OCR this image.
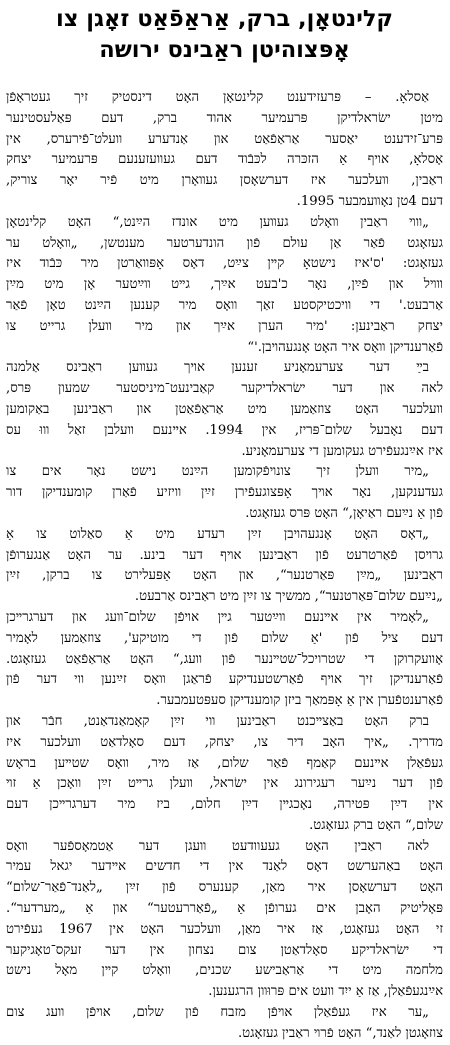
קלינטאָן, ברק, אַראַפֿאַט זאָגן צו
אָפּצוהיטן ראַבינס ירושה
אַסלאָ. – פּרעזידענט קלינטאָן האָט דינסטיק זיך געטראָפֿן
מיטן ישׂראלדיקן פּרעמיער אהוד ברק, דעם פּאַלעסטינער
פּרע־זידענט יאַסער אַראַפֿאַט און אַנדערע װעלט־פֿירערס, אין
אָסלאָ, אױף אַ הזכּרה לכּבֿוד דעם געװעזענעם פּרעמיער יצחק
ראַבין, װעלכער איז דערשאָסן געװאָרן מיט פֿיר יאָר צוריק,
דעם 4טן נאָװעמבער 1995.
„װױ ראַבין װאָלט געװען מיט אונדז הײַנט,“ האָט קלינטאָן
געזאָגט פֿאַר אַן עולם פֿון הונדערטער מענטשן, „װאָלט ער
געזאָגט: 'ס'איז נישטאָ קײן צײַט, דאָס אָפּװאַרטן מיר כּבֿוד איז
װױל און פֿײַן, נאָר כ'בעט אײַך, גײט װײַטער אָן מיט מײַן
אַרבעט.' די װיכטיקסטע זאַך װאָס מיר קענען הײַנט טאָן פֿאַר
יצחק ראַבינען: 'מיר הערן אײַך און מיר װעלן גרייט צו
פֿאַרענדיקן װאָס איר האָט אָנגעהױבן.'“
בײַ דער צערעמאָניע זענען אױך געװען ראַבינס אַלמנה
לאה און דער ישׂראלדיקער קאַבינעט־מיניסטער שמעון פּרס,
װעלכער האָט צוזאַמען מיט אַראַפֿאַטן און ראַבינען באַקומען
דעם נאָבעל שלום־פּריז, אין 1994. אײנעם װעלבן זאַל װוּ עס
איז אײַנגעפֿירט געקומען די צערעמאָניע.
„מיר װעלן זיך צונױפֿקומען הײַנט נישט נאָר אים צו
געדענקען, נאָר אױך אָפּצוגעפֿירן זײַן װיזיע פֿאַרן קומענדיקן דור
פֿון אַ נײַעם ראַיאָן,“ האָט פּרס געזאָגט.
„דאָס האָט אָנגעהױבן זײַן רעדע מיט אַ סאַלוט צו אַ
גרױסן פֿאַרטרעט פֿון ראַבינען אױף דער בינע. ער האָט אַנגערופֿן
ראַבינען „מײַן פּאַרטנער“, און האָט אַפּעלירט צו ברקן, זײַן
„נײַעם שלום־פּאַרטנער“, ממשיך צו זײַן מיט ראַבינס אַרבעט.
„לאָמיר אין אײנעם װײַטער גײן אױפֿן שלום־װעג און דערגרײכן
דעם ציל פֿון 'אַ שלום פֿון די מוטיקע', צוזאַמען לאָמיר
אָװעקרוקן די שטרויכל־שטײנער פֿון װעג,“ האָט אַראַפֿאַט געזאָגט.
פֿאַרענדיקן זיך אױף פֿאַרשטענדיקע פֿראַגן װאָס זײַנען װי דער פֿון
פֿאַרענטפֿערן אין אַ אָפּמאַך ביזן קומענדיקן סעפּטעמבער.
ברק האָט באַצײכנט ראַבינען װי זײַן קאָמאַנדאַנט, חבֿר און
מדריך. „איך האָב דיר צו, יצחק, דעם סאָלדאַט װעלכער איז
געפֿאַלן אײנעם קאַמף פֿאַר שלום, אַז מיר, װאָס שטײען בראָש
פֿון דער נײַער רעגירונג אין ישׂראל, װעלן גרײט זײַן װאָכן אַ זױ
אין דײַן פּטירה, נאָכגײן דײַן חלום, ביז מיר דערגרײכן דעם
שלום,“ האָט ברק געזאָגט.
לאה ראַבין האָט געעוודעט װעגן דער אַטמאָספֿער װאָס
האָט באַהערשט דאָס לאַנד אין די חדשים אײדער יגאל עמיר
האָט דערשאָסן איר מאַן, קענערס פֿון זײַן „לאַנד־פֿאַר־שלום“
פּאָליטיק האָבן אים גערופֿן אַ „פֿאַררעטער“ און אַ „מערדער“.
זי האָט געזאָגט, אַז איר מאַן, װעלכער האָט אין 1967 געפֿירט
די ישׂראלדיקע סאָלדאַטן צום נצחון אין דער זעקס־טאָגיקער
מלחמה מיט די אַראַבישע שכנים, װאָלט קײן מאָל נישט
אײַנגעפֿאַלן, אַז אַ ייִד װעט אים פּרוּװן הרגענען.
„ער איז געפֿאַלן אױפֿן מזבח פֿון שלום, אױפֿן װעג צום
צוזאָגטן לאַנד,“ האָט פֿרױ ראַבין געזאָגט.
